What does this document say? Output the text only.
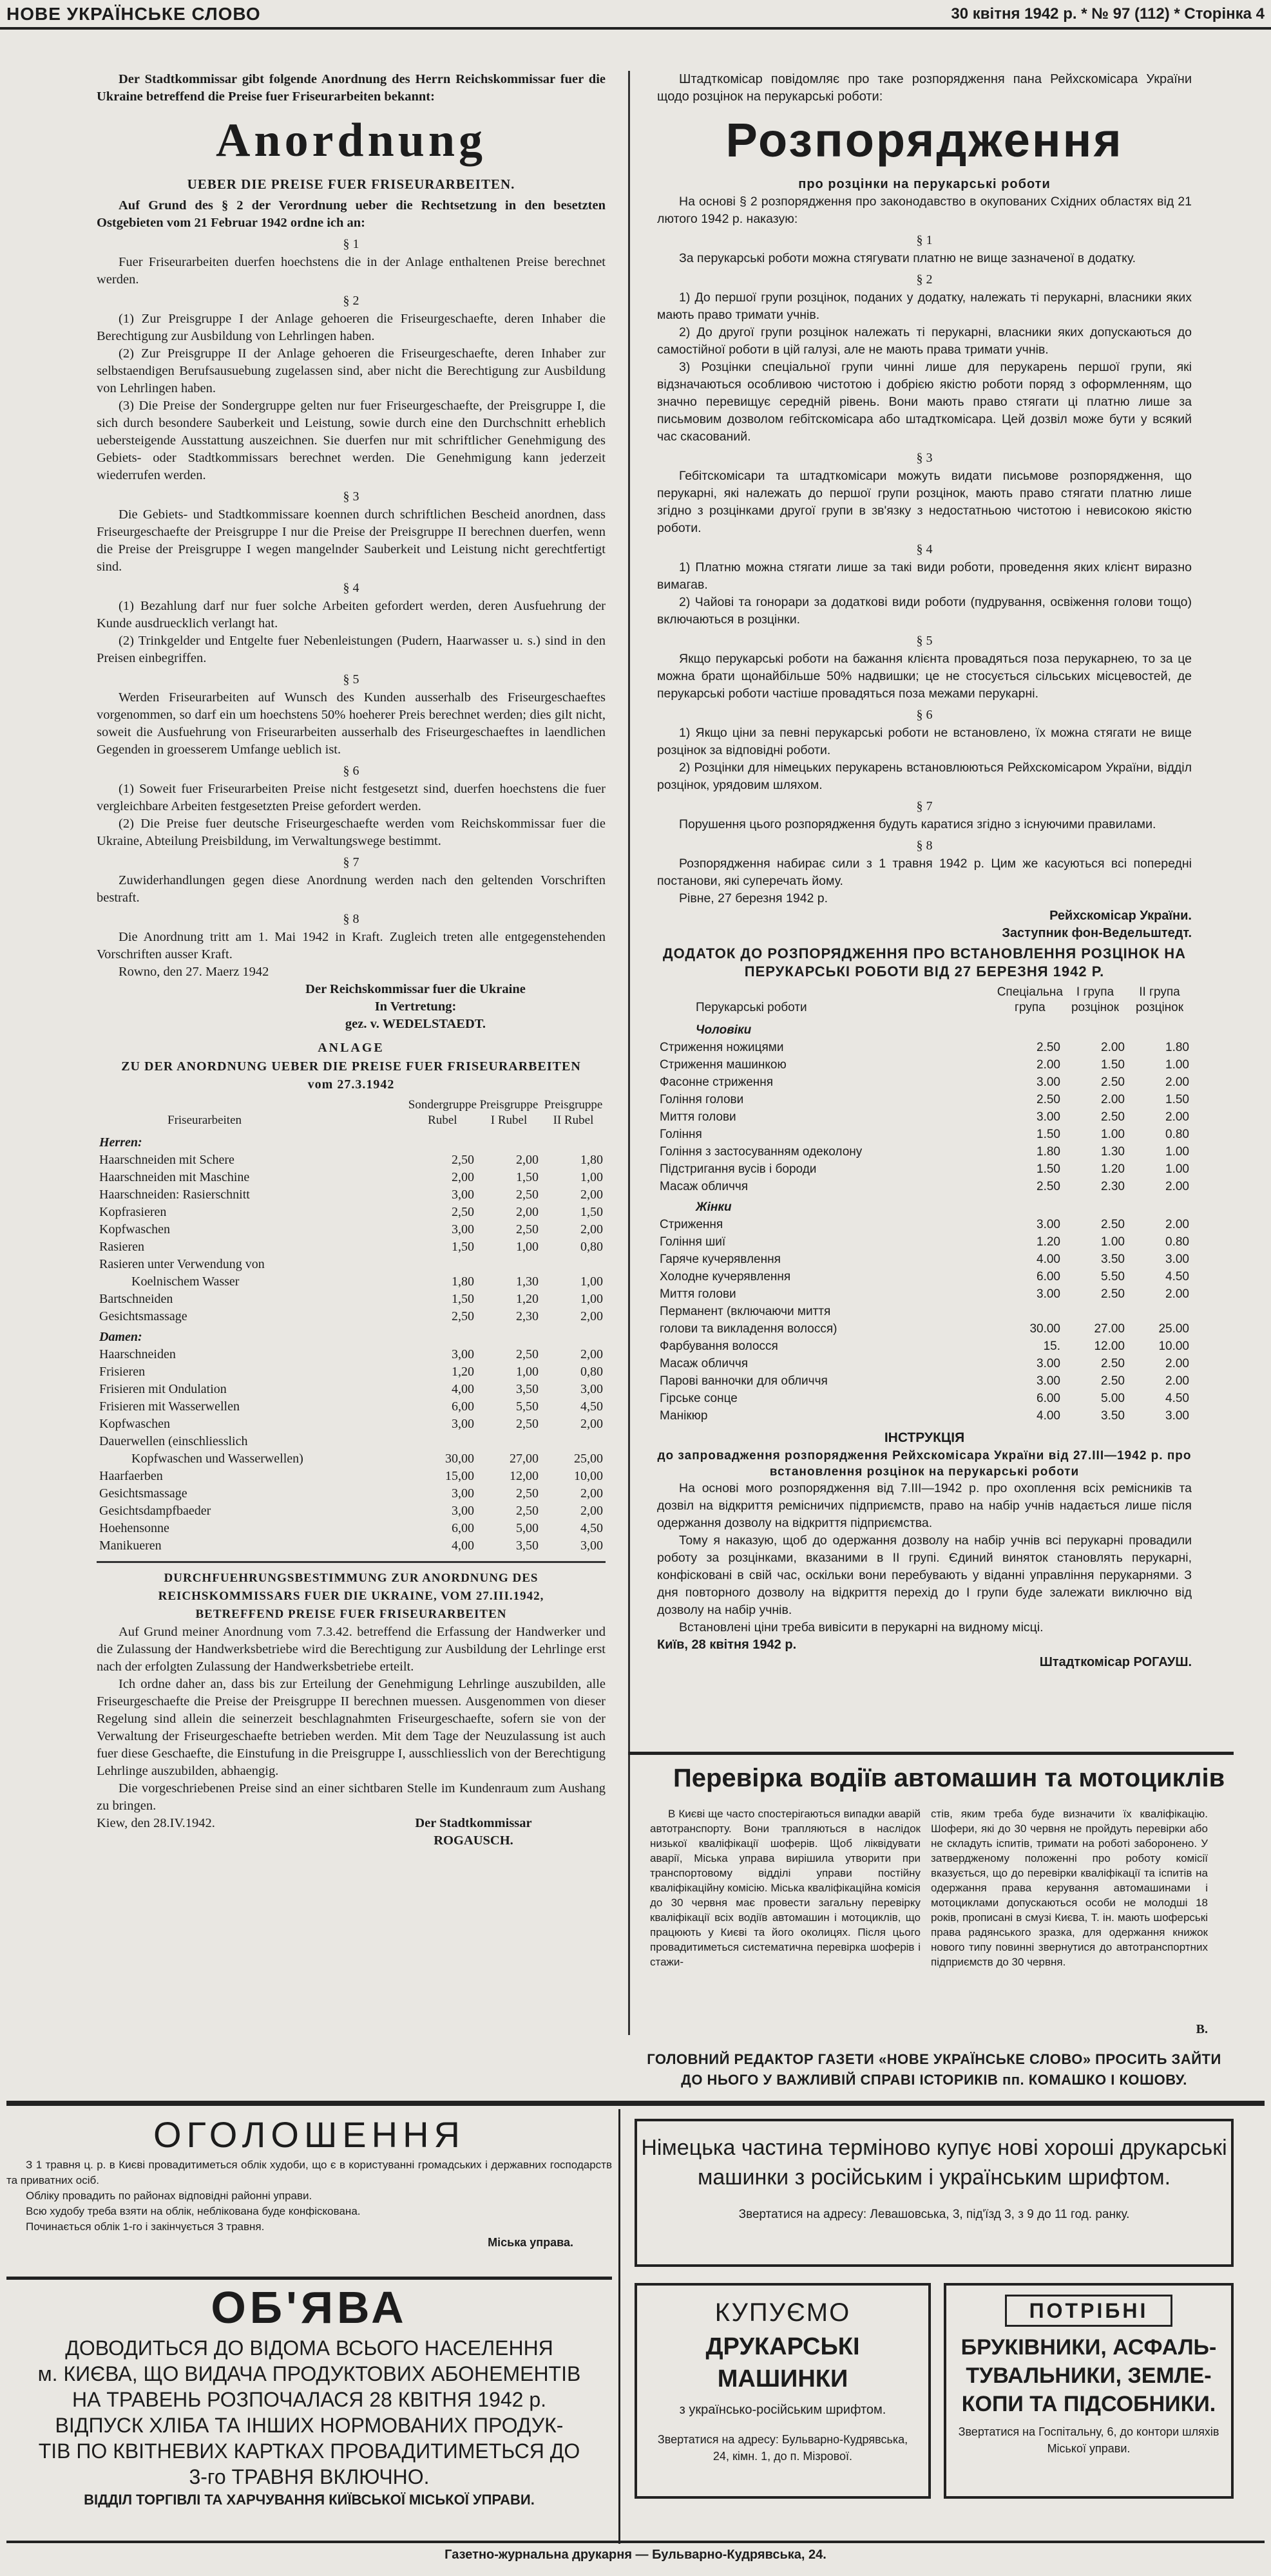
НОВЕ УКРАЇНСЬКЕ СЛОВО	30 квітня 1942 р. * № 97 (112) * Сторінка 4

Der Stadtkommissar gibt folgende Anordnung des Herrn Reichskommissar fuer die Ukraine betreffend die Preise fuer Friseurarbeiten bekannt:

Anordnung
UEBER DIE PREISE FUER FRISEURARBEITEN.

Auf Grund des § 2 der Verordnung ueber die Rechtsetzung in den besetzten Ostgebieten vom 21 Februar 1942 ordne ich an:

§ 1

Fuer Friseurarbeiten duerfen hoechstens die in der Anlage enthaltenen Preise berechnet werden.

§ 2

(1) Zur Preisgruppe I der Anlage gehoeren die Friseurgeschaefte, deren Inhaber die Berechtigung zur Ausbildung von Lehrlingen haben.

(2) Zur Preisgruppe II der Anlage gehoeren die Friseurgeschaefte, deren Inhaber zur selbstaendigen Berufsausuebung zugelassen sind, aber nicht die Berechtigung zur Ausbildung von Lehrlingen haben.

(3) Die Preise der Sondergruppe gelten nur fuer Friseurgeschaefte, der Preisgruppe I, die sich durch besondere Sauberkeit und Leistung, sowie durch eine den Durchschnitt erheblich uebersteigende Ausstattung auszeichnen. Sie duerfen nur mit schriftlicher Genehmigung des Gebiets- oder Stadtkommissars berechnet werden. Die Genehmigung kann jederzeit wiederrufen werden.

§ 3

Die Gebiets- und Stadtkommissare koennen durch schriftlichen Bescheid anordnen, dass Friseurgeschaefte der Preisgruppe I nur die Preise der Preisgruppe II berechnen duerfen, wenn die Preise der Preisgruppe I wegen mangelnder Sauberkeit und Leistung nicht gerechtfertigt sind.

§ 4

(1) Bezahlung darf nur fuer solche Arbeiten gefordert werden, deren Ausfuehrung der Kunde ausdruecklich verlangt hat.

(2) Trinkgelder und Entgelte fuer Nebenleistungen (Pudern, Haarwasser u. s.) sind in den Preisen einbegriffen.

§ 5

Werden Friseurarbeiten auf Wunsch des Kunden ausserhalb des Friseurgeschaeftes vorgenommen, so darf ein um hoechstens 50% hoeherer Preis berechnet werden; dies gilt nicht, soweit die Ausfuehrung von Friseurarbeiten ausserhalb des Friseurgeschaeftes in laendlichen Gegenden in groesserem Umfange ueblich ist.

§ 6

(1) Soweit fuer Friseurarbeiten Preise nicht festgesetzt sind, duerfen hoechstens die fuer vergleichbare Arbeiten festgesetzten Preise gefordert werden.

(2) Die Preise fuer deutsche Friseurgeschaefte werden vom Reichskommissar fuer die Ukraine, Abteilung Preisbildung, im Verwaltungswege bestimmt.

§ 7

Zuwiderhandlungen gegen diese Anordnung werden nach den geltenden Vorschriften bestraft.

§ 8

Die Anordnung tritt am 1. Mai 1942 in Kraft. Zugleich treten alle entgegenstehenden Vorschriften ausser Kraft.

Rowno, den 27. Maerz 1942

Der Reichskommissar fuer die Ukraine
In Vertretung:
gez. v. WEDELSTAEDT.
ANLAGE
ZU DER ANORDNUNG UEBER DIE PREISE FUER FRISEURARBEITEN
vom 27.3.1942
Friseurarbeiten	Sondergruppe Rubel	Preisgruppe I Rubel	Preisgruppe II Rubel
Herren:			
Haarschneiden mit Schere	2,50	2,00	1,80
Haarschneiden mit Maschine	2,00	1,50	1,00
Haarschneiden: Rasierschnitt	3,00	2,50	2,00
Kopfrasieren	2,50	2,00	1,50
Kopfwaschen	3,00	2,50	2,00
Rasieren	1,50	1,00	0,80
Rasieren unter Verwendung von			
Koelnischem Wasser	1,80	1,30	1,00
Bartschneiden	1,50	1,20	1,00
Gesichtsmassage	2,50	2,30	2,00
Damen:			
Haarschneiden	3,00	2,50	2,00
Frisieren	1,20	1,00	0,80
Frisieren mit Ondulation	4,00	3,50	3,00
Frisieren mit Wasserwellen	6,00	5,50	4,50
Kopfwaschen	3,00	2,50	2,00
Dauerwellen (einschliesslich			
Kopfwaschen und Wasserwellen)	30,00	27,00	25,00
Haarfaerben	15,00	12,00	10,00
Gesichtsmassage	3,00	2,50	2,00
Gesichtsdampfbaeder	3,00	2,50	2,00
Hoehensonne	6,00	5,00	4,50
Manikueren	4,00	3,50	3,00
DURCHFUEHRUNGSBESTIMMUNG ZUR ANORDNUNG DES
REICHSKOMMISSARS FUER DIE UKRAINE, VOM 27.III.1942,
BETREFFEND PREISE FUER FRISEURARBEITEN

Auf Grund meiner Anordnung vom 7.3.42. betreffend die Erfassung der Handwerker und die Zulassung der Handwerksbetriebe wird die Berechtigung zur Ausbildung der Lehrlinge erst nach der erfolgten Zulassung der Handwerksbetriebe erteilt.

Ich ordne daher an, dass bis zur Erteilung der Genehmigung Lehrlinge auszubilden, alle Friseurgeschaefte die Preise der Preisgruppe II berechnen muessen. Ausgenommen von dieser Regelung sind allein die seinerzeit beschlagnahmten Friseurgeschaefte, sofern sie von der Verwaltung der Friseurgeschaefte betrieben werden. Mit dem Tage der Neuzulassung ist auch fuer diese Geschaefte, die Einstufung in die Preisgruppe I, ausschliesslich von der Berechtigung Lehrlinge auszubilden, abhaengig.

Die vorgeschriebenen Preise sind an einer sichtbaren Stelle im Kundenraum zum Aushang zu bringen.

Kiew, den 28.IV.1942.	Der Stadtkommissar
ROGAUSCH.

Штадткомісар повідомляє про таке розпорядження пана Рейхскомісара України щодо розцінок на перукарські роботи:

Розпорядження
про розцінки на перукарські роботи

На основі § 2 розпорядження про законодавство в окупованих Східних областях від 21 лютого 1942 р. наказую:

§ 1

За перукарські роботи можна стягувати платню не вище зазначеної в додатку.

§ 2

1) До першої групи розцінок, поданих у додатку, належать ті перукарні, власники яких мають право тримати учнів.

2) До другої групи розцінок належать ті перукарні, власники яких допускаються до самостійної роботи в цій галузі, але не мають права тримати учнів.

3) Розцінки спеціальної групи чинні лише для перукарень першої групи, які відзначаються особливою чистотою і добрією якістю роботи поряд з оформленням, що значно перевищує середній рівень. Вони мають право стягати ці платню лише за письмовим дозволом гебітскомісара або штадткомісара. Цей дозвіл може бути у всякий час скасований.

§ 3

Гебітскомісари та штадткомісари можуть видати письмове розпорядження, що перукарні, які належать до першої групи розцінок, мають право стягати платню лише згідно з розцінками другої групи в зв'язку з недостатньою чистотою і невисокою якістю роботи.

§ 4

1) Платню можна стягати лише за такі види роботи, проведення яких клієнт виразно вимагав.

2) Чайові та гонорари за додаткові види роботи (пудрування, освіження голови тощо) включаються в розцінки.

§ 5

Якщо перукарські роботи на бажання клієнта провадяться поза перукарнею, то за це можна брати щонайбільше 50% надвишки; це не стосується сільських місцевостей, де перукарські роботи частіше провадяться поза межами перукарні.

§ 6

1) Якщо ціни за певні перукарські роботи не встановлено, їх можна стягати не вище розцінок за відповідні роботи.

2) Розцінки для німецьких перукарень встановлюються Рейхскомісаром України, відділ розцінок, урядовим шляхом.

§ 7

Порушення цього розпорядження будуть каратися згідно з існуючими правилами.

§ 8

Розпорядження набирає сили з 1 травня 1942 р. Цим же касуються всі попередні постанови, які суперечать йому.

Рівне, 27 березня 1942 р.

Рейхскомісар України.
Заступник фон-Ведельштедт.
ДОДАТОК ДО РОЗПОРЯДЖЕННЯ ПРО ВСТАНОВЛЕННЯ РОЗЦІНОК НА ПЕРУКАРСЬКІ РОБОТИ ВІД 27 БЕРЕЗНЯ 1942 Р.
Перукарські роботи	Спеціальна група	I група розцінок	II група розцінок
Чоловіки			
Стриження ножицями	2.50	2.00	1.80
Стриження машинкою	2.00	1.50	1.00
Фасонне стриження	3.00	2.50	2.00
Гоління голови	2.50	2.00	1.50
Миття голови	3.00	2.50	2.00
Гоління	1.50	1.00	0.80
Гоління з застосуванням одеколону	1.80	1.30	1.00
Підстригання вусів і бороди	1.50	1.20	1.00
Масаж обличчя	2.50	2.30	2.00
Жінки			
Стриження	3.00	2.50	2.00
Гоління шиї	1.20	1.00	0.80
Гаряче кучерявлення	4.00	3.50	3.00
Холодне кучерявлення	6.00	5.50	4.50
Миття голови	3.00	2.50	2.00
Перманент (включаючи миття			
голови та викладення волосся)	30.00	27.00	25.00
Фарбування волосся	15.	12.00	10.00
Масаж обличчя	3.00	2.50	2.00
Парові ванночки для обличчя	3.00	2.50	2.00
Гірське сонце	6.00	5.00	4.50
Манікюр	4.00	3.50	3.00
ІНСТРУКЦІЯ
до запровадження розпорядження Рейхскомісара України від 27.III—1942 р. про встановлення розцінок на перукарські роботи

На основі мого розпорядження від 7.III—1942 р. про охоплення всіх ремісників та дозвіл на відкриття ремісничих підприємств, право на набір учнів надається лише після одержання дозволу на відкриття підприємства.

Тому я наказую, щоб до одержання дозволу на набір учнів всі перукарні провадили роботу за розцінками, вказаними в II групі. Єдиний виняток становлять перукарні, конфісковані в свій час, оскільки вони перебувають у віданні управління перукарнями. З дня повторного дозволу на відкриття перехід до I групи буде залежати виключно від дозволу на набір учнів.

Встановлені ціни треба вивісити в перукарні на видному місці.

Київ, 28 квітня 1942 р.
Штадткомісар РОГАУШ.
Перевірка водіїв автомашин та мотоциклів
В Києві ще часто спостерігаються випадки аварій автотранспорту. Вони трапляються в наслідок низької кваліфікації шоферів. Щоб ліквідувати аварії, Міська управа вирішила утворити при транспортовому відділі управи постійну кваліфікаційну комісію. Міська кваліфікаційна комісія до 30 червня має провести загальну перевірку кваліфікації всіх водіїв автомашин і мотоциклів, що працюють у Києві та його околицях. Після цього провадитиметься систематична перевірка шоферів і стажи-
стів, яким треба буде визначити їх кваліфікацію. Шофери, які до 30 червня не пройдуть перевірки або не складуть іспитів, тримати на роботі заборонено. У затвердженому положенні про роботу комісії вказується, що до перевірки кваліфікації та іспитів на одержання права керування автомашинами і мотоциклами допускаються особи не молодші 18 років, прописані в смузі Києва, Т. ін. мають шоферські права радянського зразка, для одержання книжок нового типу повинні звернутися до автотранспортних підприємств до 30 червня.
В.
ГОЛОВНИЙ РЕДАКТОР ГАЗЕТИ «НОВЕ УКРАЇНСЬКЕ СЛОВО» ПРОСИТЬ ЗАЙТИ ДО НЬОГО У ВАЖЛИВІЙ СПРАВІ ІСТОРИКІВ пп. КОМАШКО І КОШОВУ.
ОГОЛОШЕННЯ
З 1 травня ц. р. в Києві провадитиметься облік худоби, що є в користуванні громадських і державних господарств та приватних осіб.
Обліку провадить по районах відповідні районні управи.
Всю худобу треба взяти на облік, неблікована буде конфіскована.
Починається облік 1-го і закінчується 3 травня.
Міська управа.
ОБ'ЯВА
ДОВОДИТЬСЯ ДО ВІДОМА ВСЬОГО НАСЕЛЕННЯ
м. КИЄВА, ЩО ВИДАЧА ПРОДУКТОВИХ АБОНЕМЕНТІВ
НА ТРАВЕНЬ РОЗПОЧАЛАСЯ 28 КВІТНЯ 1942 р.
ВІДПУСК ХЛІБА ТА ІНШИХ НОРМОВАНИХ ПРОДУК-
ТІВ ПО КВІТНЕВИХ КАРТКАХ ПРОВАДИТИМЕТЬСЯ ДО
3-го ТРАВНЯ ВКЛЮЧНО.
ВІДДІЛ ТОРГІВЛІ ТА ХАРЧУВАННЯ КИЇВСЬКОЇ МІСЬКОЇ УПРАВИ.
Німецька частина терміново купує нові хороші друкарські
машинки з російським і українським шрифтом.
Звертатися на адресу: Левашовська, 3, під'їзд 3, з 9 до 11 год. ранку.
КУПУЄМО
ДРУКАРСЬКІ МАШИНКИ
з українсько-російським шрифтом.
Звертатися на адресу: Бульварно-Кудрявська, 24, кімн. 1, до п. Мізрової.
ПОТРІБНІ
БРУКІВНИКИ, АСФАЛЬ-
ТУВАЛЬНИКИ, ЗЕМЛЕ-
КОПИ ТА ПІДСОБНИКИ.
Звертатися на Госпітальну, 6, до контори шляхів Міської управи.
Газетно-журнальна друкарня — Бульварно-Кудрявська, 24.
